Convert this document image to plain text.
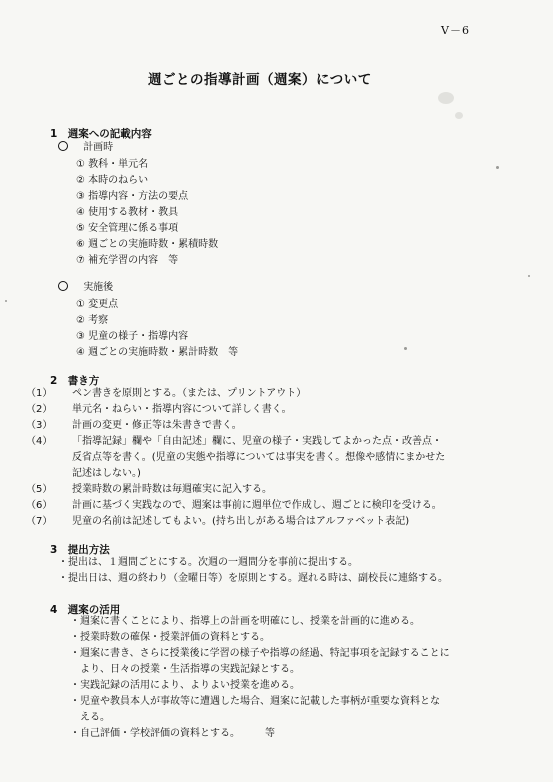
V－6
週ごとの指導計画（週案）について
1　週案への記載内容
計画時
① 教科・単元名
② 本時のねらい
③ 指導内容・方法の要点
④ 使用する教材・教具
⑤ 安全管理に係る事項
⑥ 週ごとの実施時数・累積時数
⑦ 補充学習の内容　等
実施後
① 変更点
② 考察
③ 児童の様子・指導内容
④ 週ごとの実施時数・累計時数　等
2　書き方
（1） ペン書きを原則とする。（または、プリントアウト）
（2） 単元名・ねらい・指導内容について詳しく書く。
（3） 計画の変更・修正等は朱書きで書く。
（4） 「指導記録」欄や「自由記述」欄に、児童の様子・実践してよかった点・改善点・
反省点等を書く。(児童の実態や指導については事実を書く。想像や感情にまかせた
記述はしない。)
（5） 授業時数の累計時数は毎週確実に記入する。
（6） 計画に基づく実践なので、週案は事前に週単位で作成し、週ごとに検印を受ける。
（7） 児童の名前は記述してもよい。(持ち出しがある場合はアルファベット表記)
3　提出方法
・提出は、１週間ごとにする。次週の一週間分を事前に提出する。
・提出日は、週の終わり（金曜日等）を原則とする。遅れる時は、副校長に連絡する。
4　週案の活用
・週案に書くことにより、指導上の計画を明確にし、授業を計画的に進める。
・授業時数の確保・授業評価の資料とする。
・週案に書き、さらに授業後に学習の様子や指導の経過、特記事項を記録することに
　より、日々の授業・生活指導の実践記録とする。
・実践記録の活用により、よりよい授業を進める。
・児童や教員本人が事故等に遭遇した場合、週案に記載した事柄が重要な資料とな
　える。
・自己評価・学校評価の資料とする。　　　等
